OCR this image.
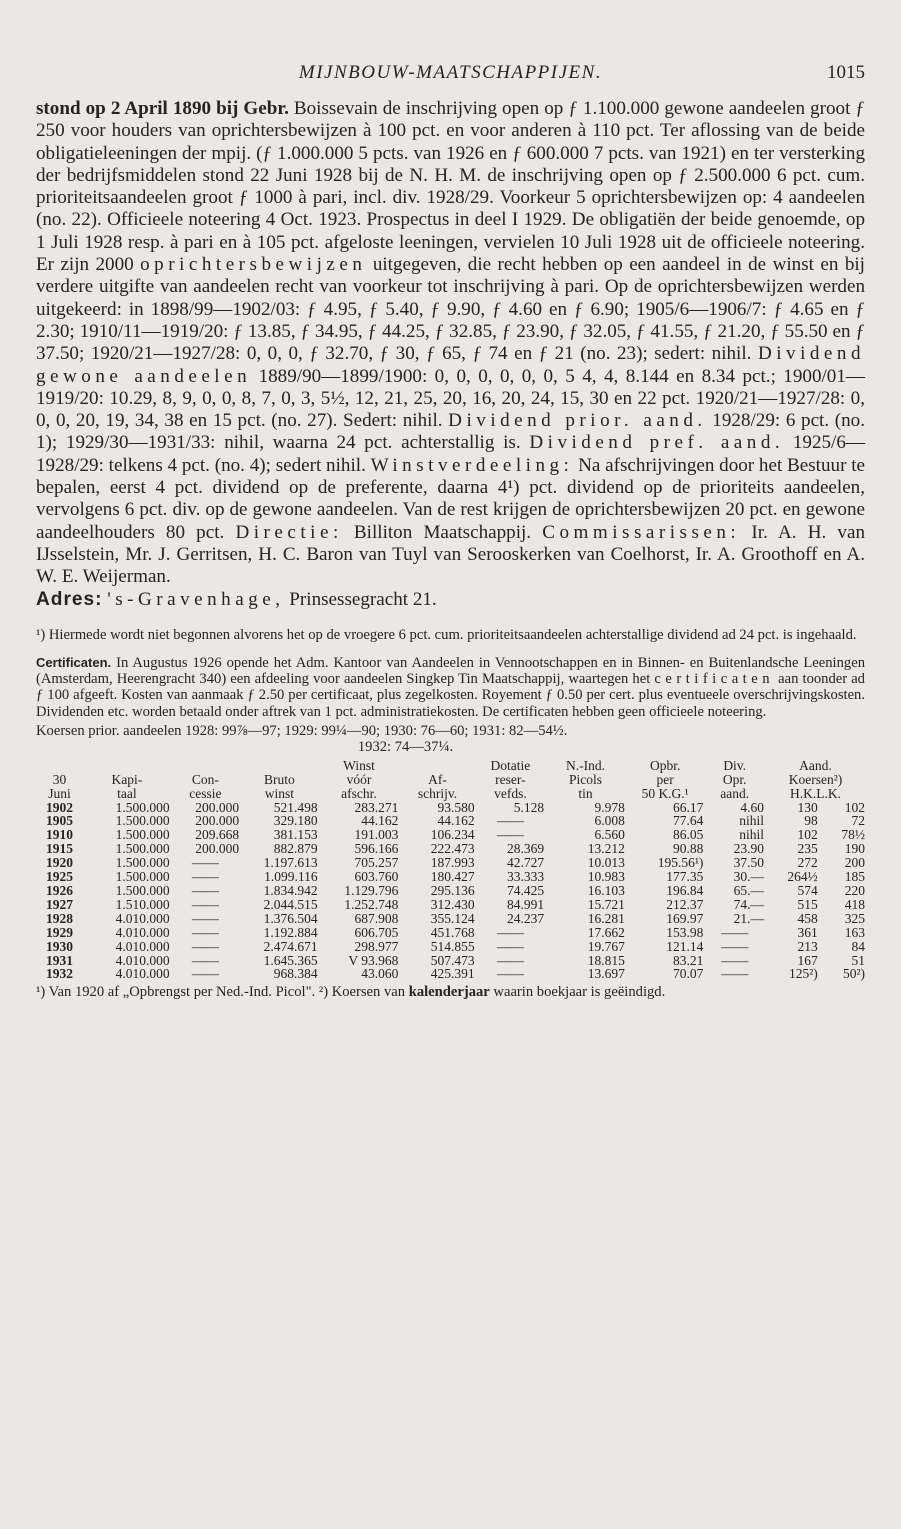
MIJNBOUW-MAATSCHAPPIJEN.	1015

stond op 2 April 1890 bij Gebr. Boissevain de inschrijving open op ƒ 1.100.000 gewone aandeelen groot ƒ 250 voor houders van oprichtersbewijzen à 100 pct. en voor anderen à 110 pct. Ter aflossing van de beide obligatieleeningen der mpij. (ƒ 1.000.000 5 pcts. van 1926 en ƒ 600.000 7 pcts. van 1921) en ter versterking der bedrijfsmiddelen stond 22 Juni 1928 bij de N. H. M. de inschrijving open op ƒ 2.500.000 6 pct. cum. prioriteitsaandeelen groot ƒ 1000 à pari, incl. div. 1928/29. Voorkeur 5 oprichtersbewijzen op: 4 aandeelen (no. 22). Officieele noteering 4 Oct. 1923. Prospectus in deel I 1929. De obligatiën der beide genoemde, op 1 Juli 1928 resp. à pari en à 105 pct. afgeloste leeningen, vervielen 10 Juli 1928 uit de officieele noteering. Er zijn 2000 oprichtersbewijzen uitgegeven, die recht hebben op een aandeel in de winst en bij verdere uitgifte van aandeelen recht van voorkeur tot inschrijving à pari. Op de oprichtersbewijzen werden uitgekeerd: in 1898/99—1902/03: ƒ 4.95, ƒ 5.40, ƒ 9.90, ƒ 4.60 en ƒ 6.90; 1905/6—1906/7: ƒ 4.65 en ƒ 2.30; 1910/11—1919/20: ƒ 13.85, ƒ 34.95, ƒ 44.25, ƒ 32.85, ƒ 23.90, ƒ 32.05, ƒ 41.55, ƒ 21.20, ƒ 55.50 en ƒ 37.50; 1920/21—1927/28: 0, 0, 0, ƒ 32.70, ƒ 30, ƒ 65, ƒ 74 en ƒ 21 (no. 23); sedert: nihil. Dividend gewone aandeelen 1889/90—1899/1900: 0, 0, 0, 0, 0, 0, 5 4, 4, 8.144 en 8.34 pct.; 1900/01—1919/20: 10.29, 8, 9, 0, 0, 8, 7, 0, 3, 5½, 12, 21, 25, 20, 16, 20, 24, 15, 30 en 22 pct. 1920/21—1927/28: 0, 0, 0, 20, 19, 34, 38 en 15 pct. (no. 27). Sedert: nihil. Dividend prior. aand. 1928/29: 6 pct. (no. 1); 1929/30—1931/33: nihil, waarna 24 pct. achterstallig is. Dividend pref. aand. 1925/6—1928/29: telkens 4 pct. (no. 4); sedert nihil. Winstverdeeling: Na afschrijvingen door het Bestuur te bepalen, eerst 4 pct. dividend op de preferente, daarna 4¹) pct. dividend op de prioriteits aandeelen, vervolgens 6 pct. div. op de gewone aandeelen. Van de rest krijgen de oprichtersbewijzen 20 pct. en gewone aandeelhouders 80 pct. Directie: Billiton Maatschappij. Commissarissen: Ir. A. H. van IJsselstein, Mr. J. Gerritsen, H. C. Baron van Tuyl van Serooskerken van Coelhorst, Ir. A. Groothoff en A. W. E. Weijerman.

Adres: 's-Gravenhage, Prinsessegracht 21.

¹) Hiermede wordt niet begonnen alvorens het op de vroegere 6 pct. cum. prioriteitsaandeelen achterstallige dividend ad 24 pct. is ingehaald.
Certificaten. In Augustus 1926 opende het Adm. Kantoor van Aandeelen in Vennootschappen en in Binnen- en Buitenlandsche Leeningen (Amsterdam, Heerengracht 340) een afdeeling voor aandeelen Singkep Tin Maatschappij, waartegen het certificaten aan toonder ad ƒ 100 afgeeft. Kosten van aanmaak ƒ 2.50 per certificaat, plus zegelkosten. Royement ƒ 0.50 per cert. plus eventueele overschrijvingskosten. Dividenden etc. worden betaald onder aftrek van 1 pct. administratiekosten. De certificaten hebben geen officieele noteering.
Koersen prior. aandeelen 1928: 99⅞—97; 1929: 99¼—90; 1930: 76—60; 1931: 82—54½.
1932: 74—37¼.
				Winst		Dotatie	N.-Ind.	Opbr.	Div.	Aand.	
30	Kapi-	Con-	Bruto	vóór	Af-	reser-	Picols	per	Opr.	Koersen²)	
Juni	taal	cessie	winst	afschr.	schrijv.	vefds.	tin	50 K.G.¹	aand.	H.K.L.K.	
1902	1.500.000	200.000	521.498	283.271	93.580	5.128	9.978	66.17	4.60	130	102
1905	1.500.000	200.000	329.180	44.162	44.162	——	6.008	77.64	nihil	98	72
1910	1.500.000	209.668	381.153	191.003	106.234	——	6.560	86.05	nihil	102	78½
1915	1.500.000	200.000	882.879	596.166	222.473	28.369	13.212	90.88	23.90	235	190
1920	1.500.000	——	1.197.613	705.257	187.993	42.727	10.013	195.56¹)	37.50	272	200
1925	1.500.000	——	1.099.116	603.760	180.427	33.333	10.983	177.35	30.—	264½	185
1926	1.500.000	——	1.834.942	1.129.796	295.136	74.425	16.103	196.84	65.—	574	220
1927	1.510.000	——	2.044.515	1.252.748	312.430	84.991	15.721	212.37	74.—	515	418
1928	4.010.000	——	1.376.504	687.908	355.124	24.237	16.281	169.97	21.—	458	325
1929	4.010.000	——	1.192.884	606.705	451.768	——	17.662	153.98	——	361	163
1930	4.010.000	——	2.474.671	298.977	514.855	——	19.767	121.14	——	213	84
1931	4.010.000	——	1.645.365	V 93.968	507.473	——	18.815	83.21	——	167	51
1932	4.010.000	——	968.384	43.060	425.391	——	13.697	70.07	——	125²)	50²)
¹) Van 1920 af „Opbrengst per Ned.-Ind. Picol". ²) Koersen van kalenderjaar waarin boekjaar is geëindigd.
